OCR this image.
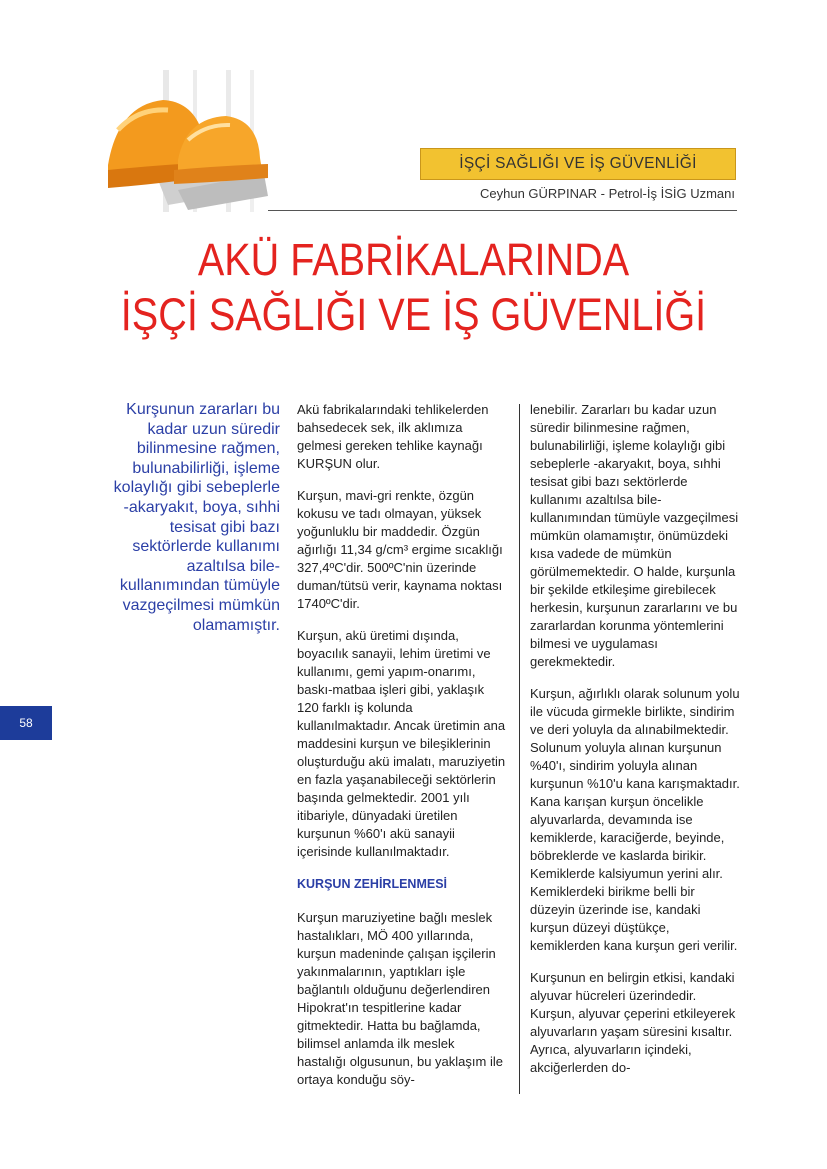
İŞÇİ SAĞLIĞI VE İŞ GÜVENLİĞİ
Ceyhun GÜRPINAR - Petrol-İş İSİG Uzmanı
AKÜ FABRİKALARINDA
İŞÇİ SAĞLIĞI VE İŞ GÜVENLİĞİ
Kurşunun zararları bu kadar uzun süredir bilinmesine rağmen, bulunabilirliği, işleme kolaylığı gibi sebeplerle -akaryakıt, boya, sıhhi tesisat gibi bazı sektörlerde kullanımı azaltılsa bile- kullanımından tümüyle vazgeçilmesi mümkün olamamıştır.

Akü fabrikalarındaki tehlikelerden bahsedecek sek, ilk aklımıza gelmesi gereken tehlike kaynağı KURŞUN olur.

Kurşun, mavi-gri renkte, özgün kokusu ve tadı olmayan, yüksek yoğunluklu bir maddedir. Özgün ağırlığı 11,34 g/cm³ ergime sıcaklığı 327,4ºC'dir. 500ºC'nin üzerinde duman/tütsü verir, kaynama noktası 1740ºC'dir.

Kurşun, akü üretimi dışında, boyacılık sanayii, lehim üretimi ve kullanımı, gemi yapım-onarımı, baskı-matbaa işleri gibi, yaklaşık 120 farklı iş kolunda kullanılmaktadır. Ancak üretimin ana maddesini kurşun ve bileşiklerinin oluşturduğu akü imalatı, maruziyetin en fazla yaşanabileceği sektörlerin başında gelmektedir. 2001 yılı itibariyle, dünyadaki üretilen kurşunun %60'ı akü sanayii içerisinde kullanılmaktadır.

KURŞUN ZEHİRLENMESİ

Kurşun maruziyetine bağlı meslek hastalıkları, MÖ 400 yıllarında, kurşun madeninde çalışan işçilerin yakınmalarının, yaptıkları işle bağlantılı olduğunu değerlendiren Hipokrat'ın tespitlerine kadar gitmektedir. Hatta bu bağlamda, bilimsel anlamda ilk meslek hastalığı olgusunun, bu yaklaşım ile ortaya konduğu söy-

lenebilir. Zararları bu kadar uzun süredir bilinmesine rağmen, bulunabilirliği, işleme kolaylığı gibi sebeplerle -akaryakıt, boya, sıhhi tesisat gibi bazı sektörlerde kullanımı azaltılsa bile- kullanımından tümüyle vazgeçilmesi mümkün olamamıştır, önümüzdeki kısa vadede de mümkün görülmemektedir. O halde, kurşunla bir şekilde etkileşime girebilecek herkesin, kurşunun zararlarını ve bu zararlardan korunma yöntemlerini bilmesi ve uygulaması gerekmektedir.

Kurşun, ağırlıklı olarak solunum yolu ile vücuda girmekle birlikte, sindirim ve deri yoluyla da alınabilmektedir. Solunum yoluyla alınan kurşunun %40'ı, sindirim yoluyla alınan kurşunun %10'u kana karışmaktadır. Kana karışan kurşun öncelikle alyuvarlarda, devamında ise kemiklerde, karaciğerde, beyinde, böbreklerde ve kaslarda birikir. Kemiklerde kalsiyumun yerini alır. Kemiklerdeki birikme belli bir düzeyin üzerinde ise, kandaki kurşun düzeyi düştükçe, kemiklerden kana kurşun geri verilir.

Kurşunun en belirgin etkisi, kandaki alyuvar hücreleri üzerindedir. Kurşun, alyuvar çeperini etkileyerek alyuvarların yaşam süresini kısaltır. Ayrıca, alyuvarların içindeki, akciğerlerden do-

58
